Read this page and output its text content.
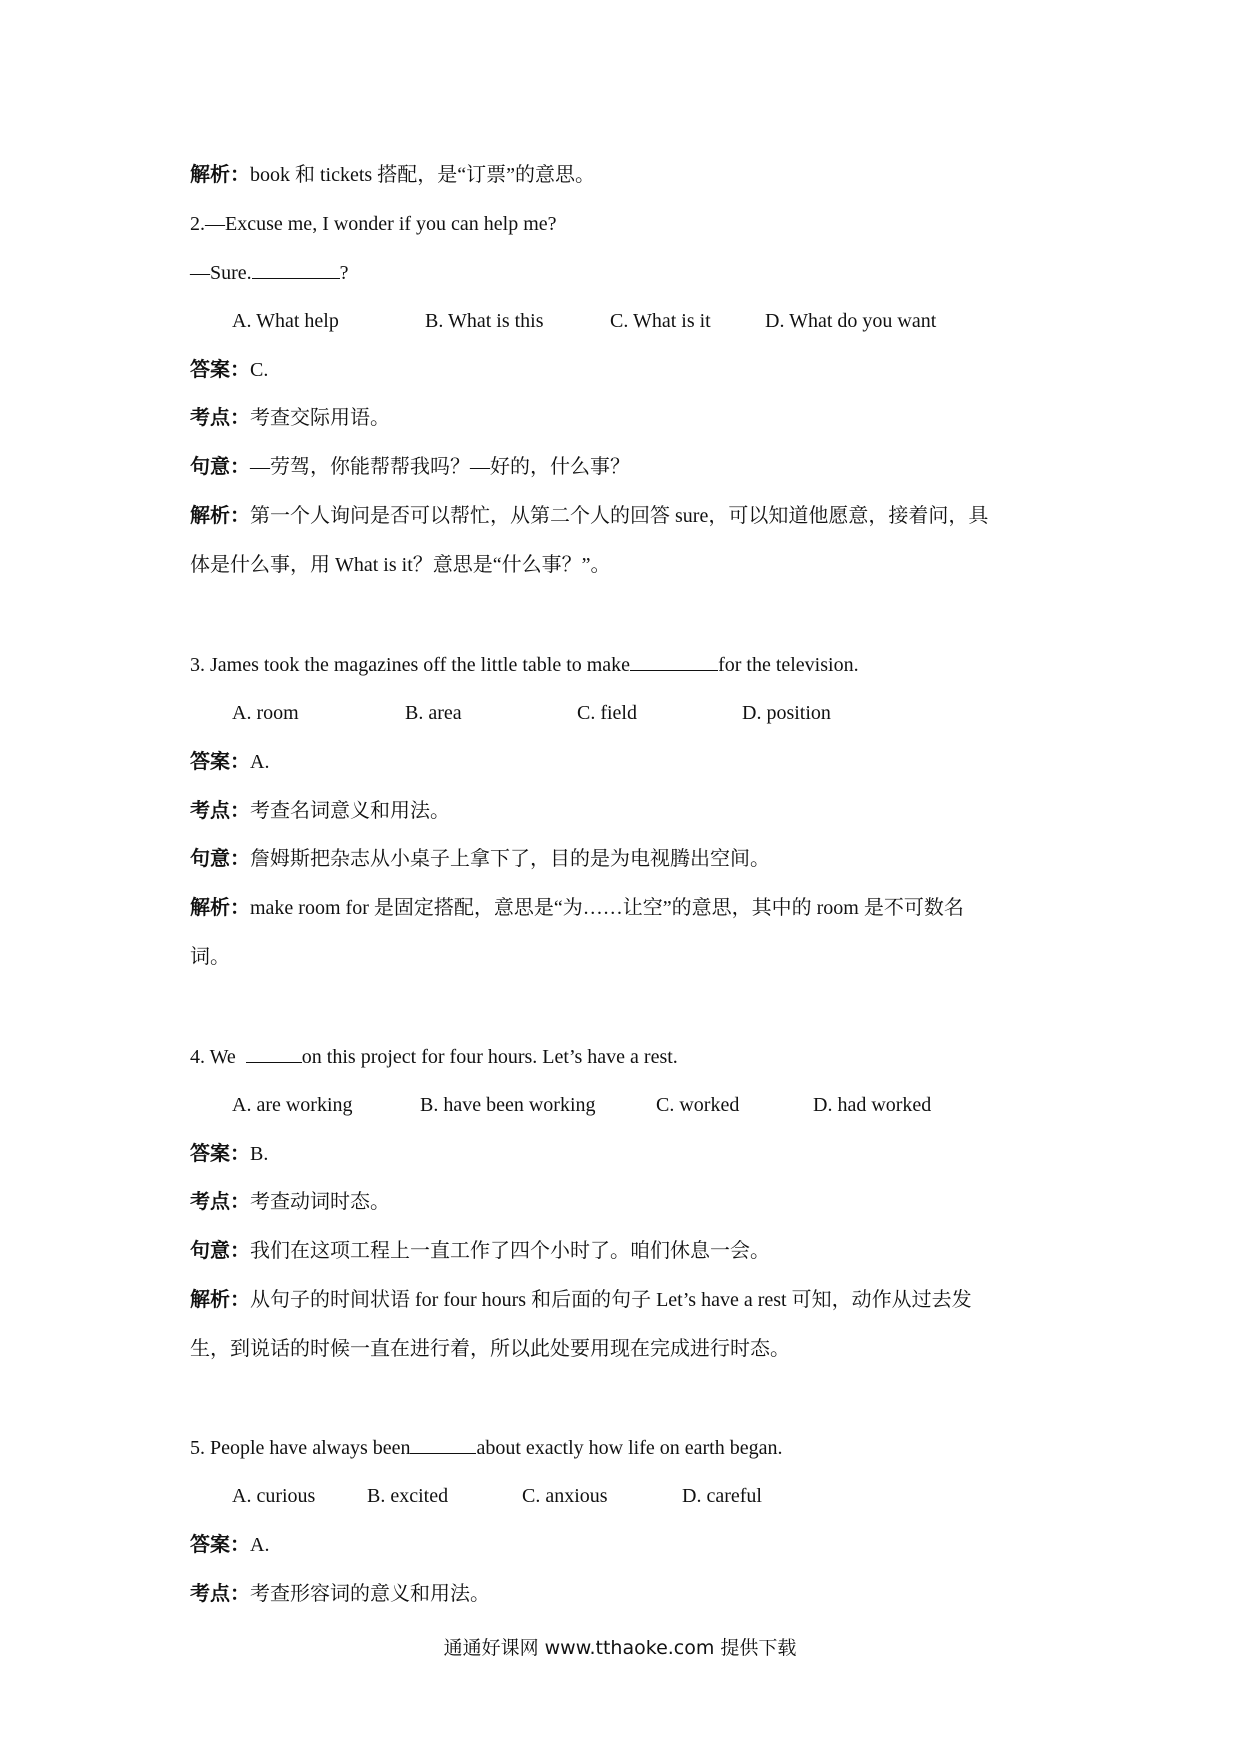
解析：book 和 tickets 搭配，是“订票”的意思。
2.—Excuse me, I wonder if you can help me?
—Sure.	?
A. What help	B. What is this	C. What is it	D. What do you want
答案：C.
考点：考查交际用语。
句意：—劳驾，你能帮帮我吗？—好的，什么事？
解析：第一个人询问是否可以帮忙，从第二个人的回答 sure，可以知道他愿意，接着问，具
体是什么事，用 What is it？意思是“什么事？”。
3. James took the magazines off the little table to make	for the television.
A. room	B. area	C. field	D. position
答案：A.
考点：考查名词意义和用法。
句意：詹姆斯把杂志从小桌子上拿下了，目的是为电视腾出空间。
解析：make room for 是固定搭配，意思是“为……让空”的意思，其中的 room 是不可数名
词。
4. We	on this project for four hours. Let’s have a rest.
A. are working	B. have been working	C. worked	D. had worked
答案：B.
考点：考查动词时态。
句意：我们在这项工程上一直工作了四个小时了。咱们休息一会。
解析：从句子的时间状语 for four hours 和后面的句子 Let’s have a rest 可知，动作从过去发
生，到说话的时候一直在进行着，所以此处要用现在完成进行时态。
5. People have always been	about exactly how life on earth began.
A. curious	B. excited	C. anxious	D. careful
答案：A.
考点：考查形容词的意义和用法。
通通好课网 www.tthaoke.com 提供下载
